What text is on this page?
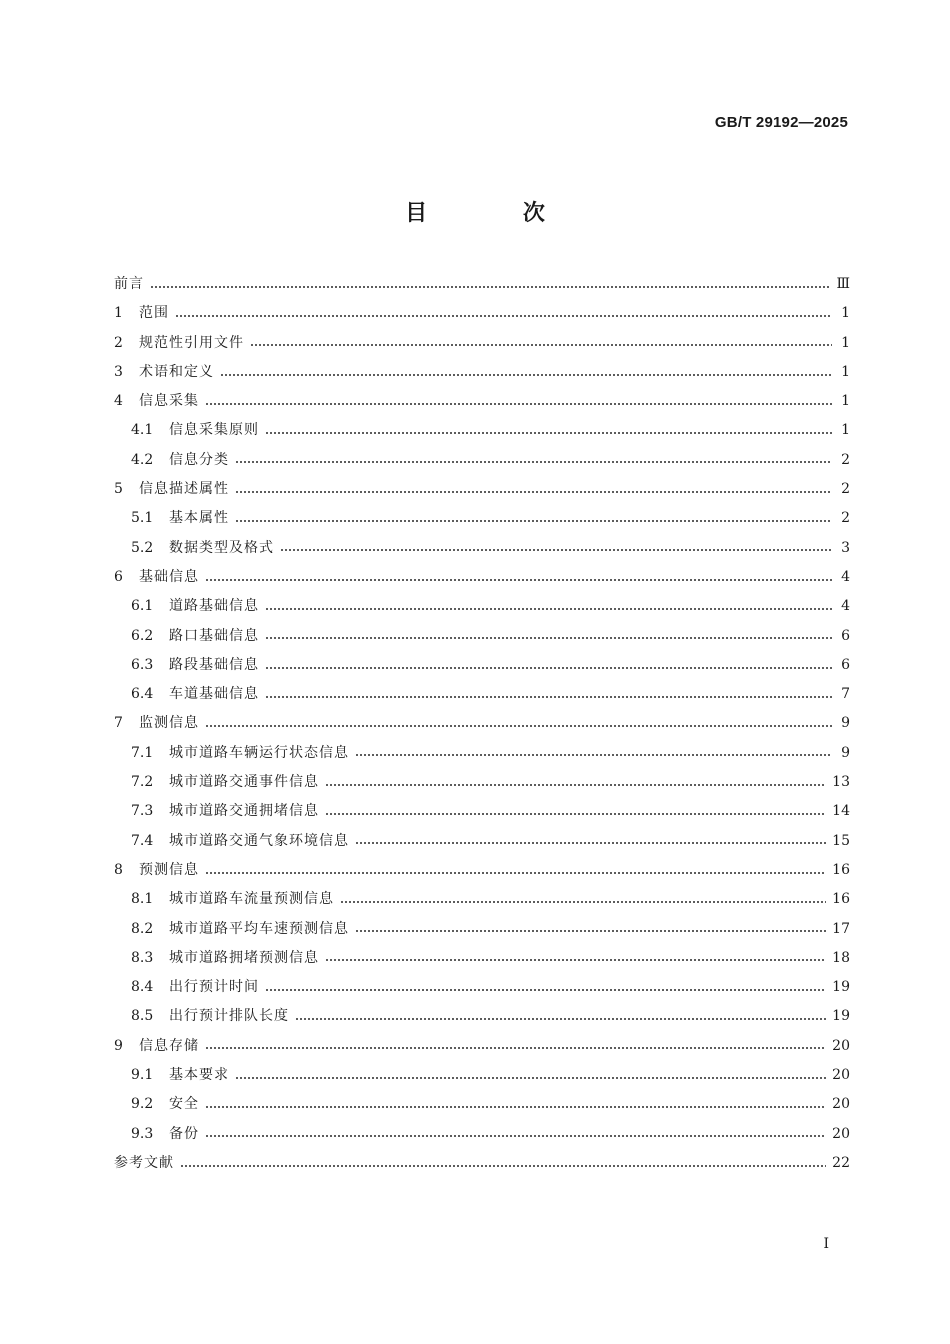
GB/T 29192—2025
目 次
前言	Ⅲ
1	范围	1
2	规范性引用文件	1
3	术语和定义	1
4	信息采集	1
4.1	信息采集原则	1
4.2	信息分类	2
5	信息描述属性	2
5.1	基本属性	2
5.2	数据类型及格式	3
6	基础信息	4
6.1	道路基础信息	4
6.2	路口基础信息	6
6.3	路段基础信息	6
6.4	车道基础信息	7
7	监测信息	9
7.1	城市道路车辆运行状态信息	9
7.2	城市道路交通事件信息	13
7.3	城市道路交通拥堵信息	14
7.4	城市道路交通气象环境信息	15
8	预测信息	16
8.1	城市道路车流量预测信息	16
8.2	城市道路平均车速预测信息	17
8.3	城市道路拥堵预测信息	18
8.4	出行预计时间	19
8.5	出行预计排队长度	19
9	信息存储	20
9.1	基本要求	20
9.2	安全	20
9.3	备份	20
参考文献	22
Ⅰ
